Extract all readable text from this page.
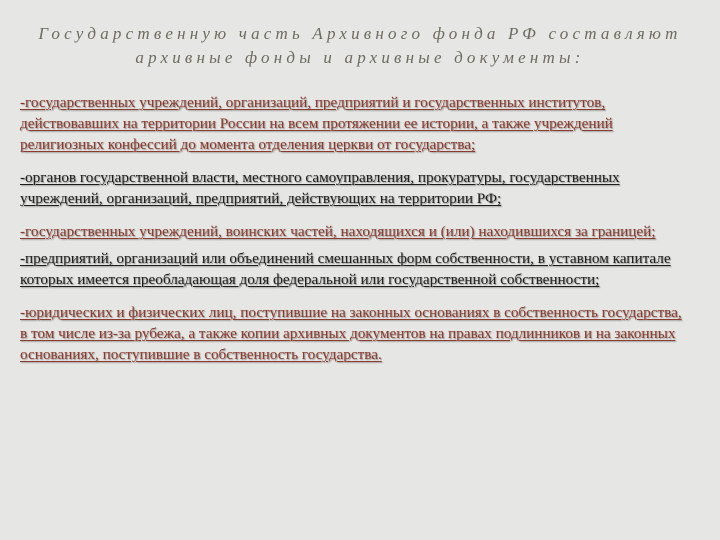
Государственную часть Архивного фонда РФ составляют
архивные фонды и архивные документы:

-государственных учреждений, организаций, предприятий и государственных институтов, действовавших на территории России на всем протяжении ее истории, а также учреждений религиозных конфессий до момента отделения церкви от государства;

-органов государственной власти, местного самоуправления, прокуратуры, государственных учреждений, организаций, предприятий, действующих на территории РФ;

-государственных учреждений, воинских частей, находящихся и (или) находившихся за границей;

-предприятий, организаций или объединений смешанных форм собственности, в уставном капитале которых имеется преобладающая доля федеральной или государственной собственности;

-юридических и физических лиц, поступившие на законных основаниях в собственность государства, в том числе из-за рубежа, а также копии архивных документов на правах подлинников и на законных основаниях, поступившие в собственность государства.
